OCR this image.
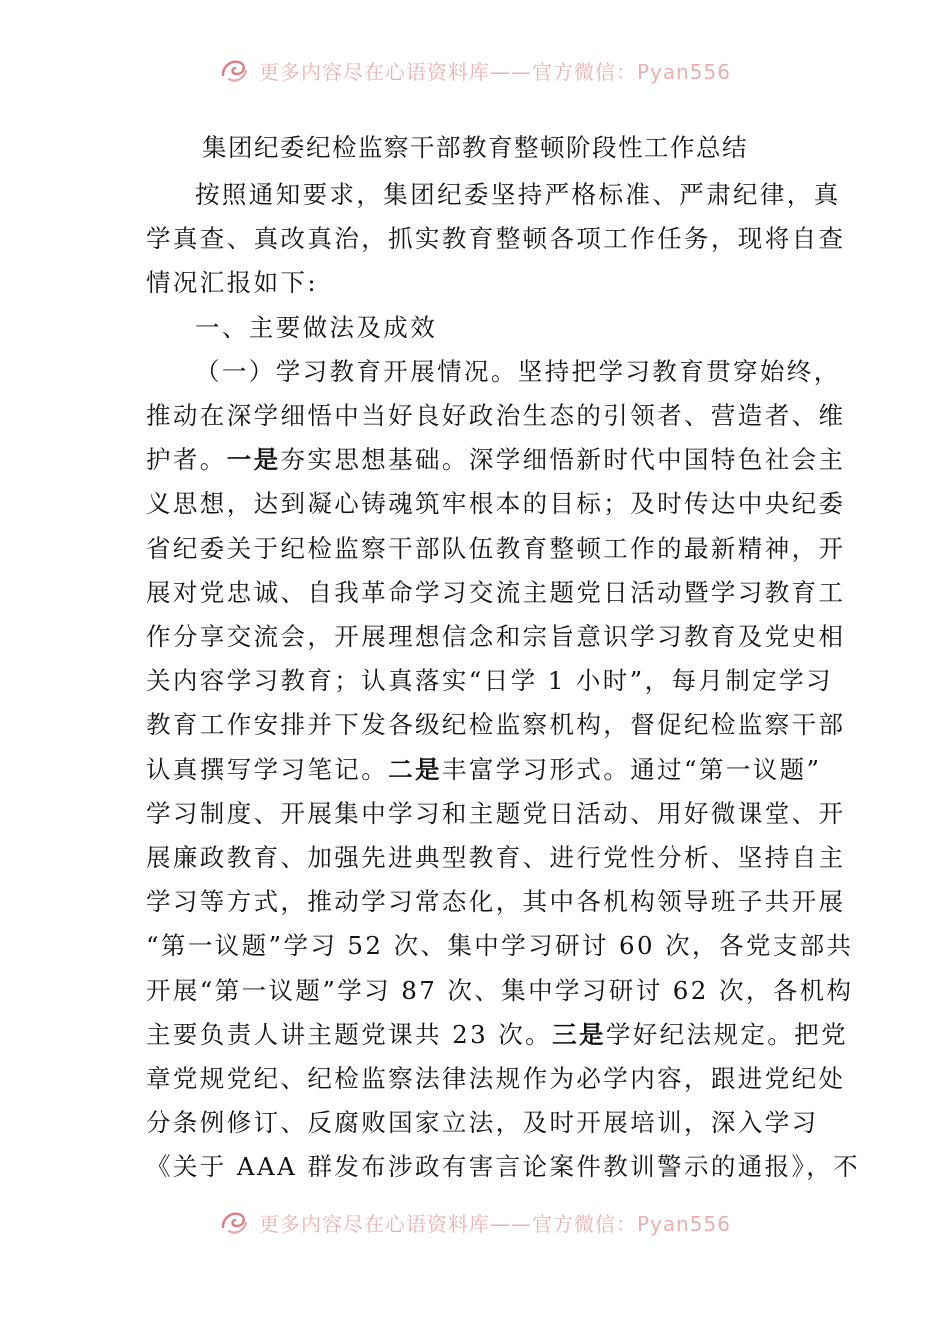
更多内容尽在心语资料库——官方微信：Pyan556
集团纪委纪检监察干部教育整顿阶段性工作总结
按照通知要求，集团纪委坚持严格标准、严肃纪律，真
学真查、真改真治，抓实教育整顿各项工作任务，现将自查
情况汇报如下:
一、主要做法及成效
（一）学习教育开展情况。坚持把学习教育贯穿始终，
推动在深学细悟中当好良好政治生态的引领者、营造者、维
护者。一是夯实思想基础。深学细悟新时代中国特色社会主
义思想，达到凝心铸魂筑牢根本的目标；及时传达中央纪委
省纪委关于纪检监察干部队伍教育整顿工作的最新精神，开
展对党忠诚、自我革命学习交流主题党日活动暨学习教育工
作分享交流会，开展理想信念和宗旨意识学习教育及党史相
关内容学习教育；认真落实“日学 1 小时”，每月制定学习
教育工作安排并下发各级纪检监察机构，督促纪检监察干部
认真撰写学习笔记。二是丰富学习形式。通过“第一议题”
学习制度、开展集中学习和主题党日活动、用好微课堂、开
展廉政教育、加强先进典型教育、进行党性分析、坚持自主
学习等方式，推动学习常态化，其中各机构领导班子共开展
“第一议题”学习 52 次、集中学习研讨 60 次，各党支部共
开展“第一议题”学习 87 次、集中学习研讨 62 次，各机构
主要负责人讲主题党课共 23 次。三是学好纪法规定。把党
章党规党纪、纪检监察法律法规作为必学内容，跟进党纪处
分条例修订、反腐败国家立法，及时开展培训，深入学习
《关于 AAA 群发布涉政有害言论案件教训警示的通报》，不
更多内容尽在心语资料库——官方微信：Pyan556
